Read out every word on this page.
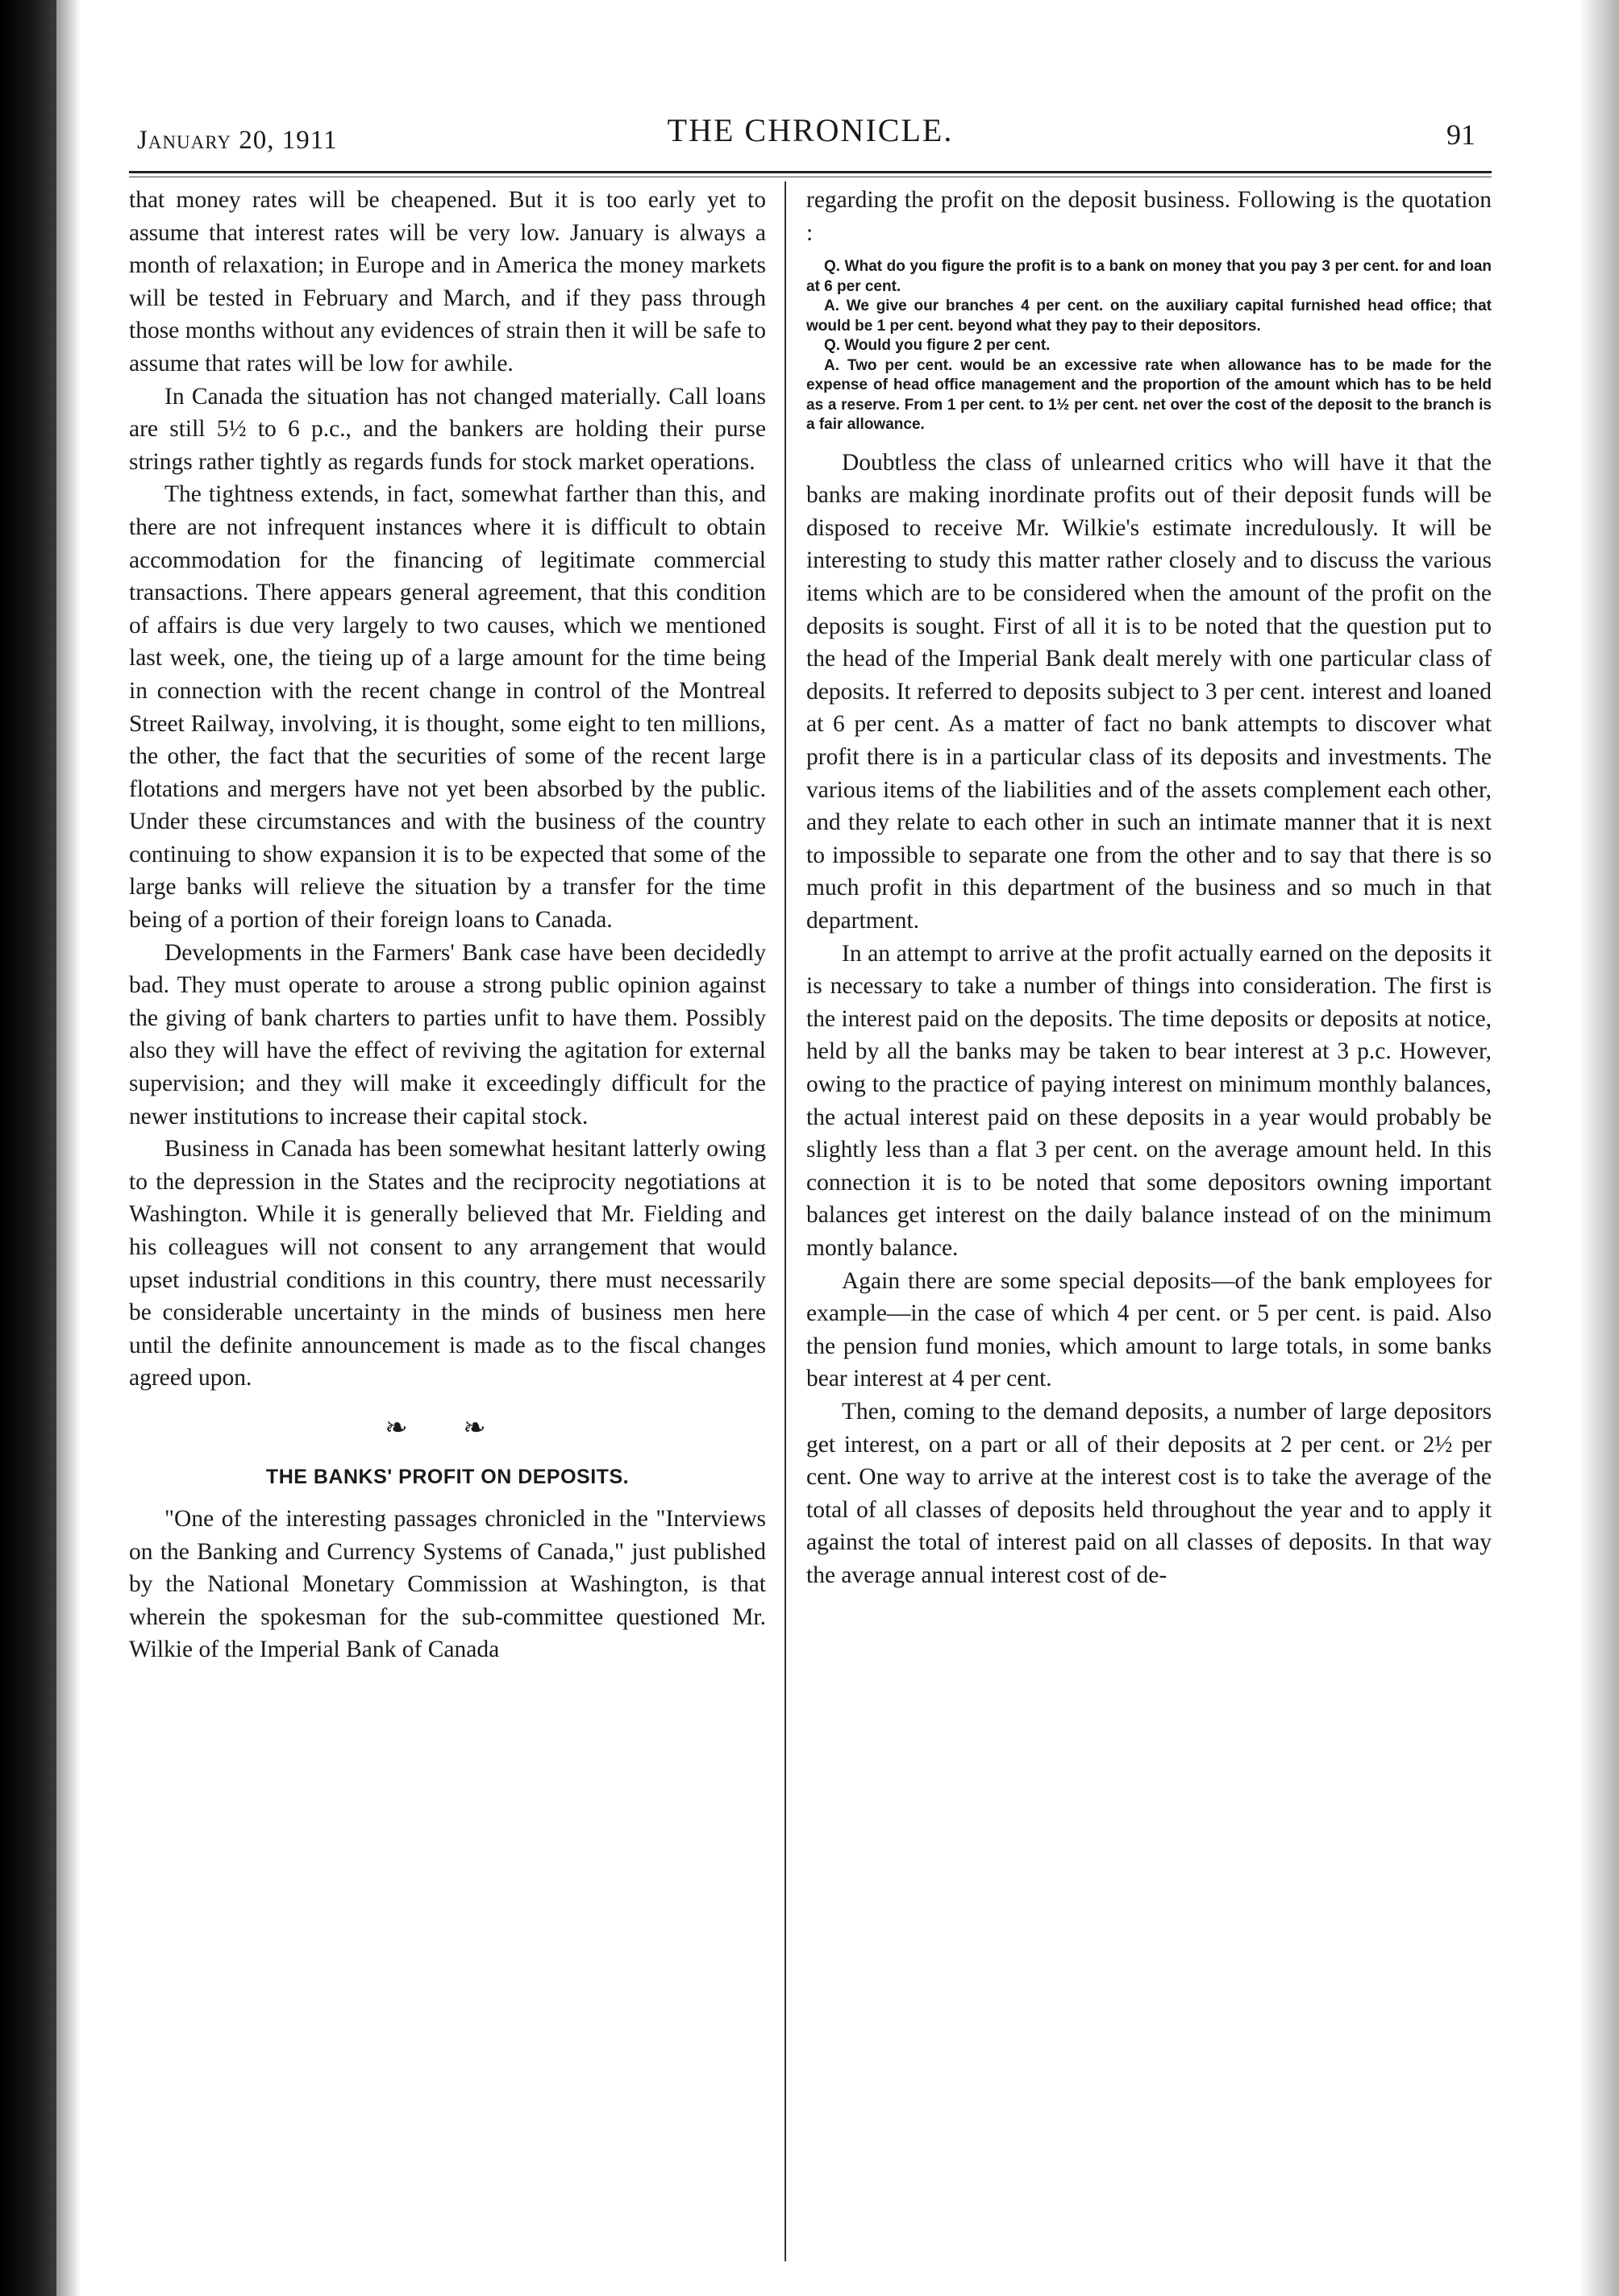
January 20, 1911	THE CHRONICLE.	91

that money rates will be cheapened. But it is too early yet to assume that interest rates will be very low. January is always a month of relaxation; in Europe and in America the money markets will be tested in February and March, and if they pass through those months without any evidences of strain then it will be safe to assume that rates will be low for awhile.

In Canada the situation has not changed materially. Call loans are still 5½ to 6 p.c., and the bankers are holding their purse strings rather tightly as regards funds for stock market operations.

The tightness extends, in fact, somewhat farther than this, and there are not infrequent instances where it is difficult to obtain accommodation for the financing of legitimate commercial transactions. There appears general agreement, that this condition of affairs is due very largely to two causes, which we mentioned last week, one, the tieing up of a large amount for the time being in connection with the recent change in control of the Montreal Street Railway, involving, it is thought, some eight to ten millions, the other, the fact that the securities of some of the recent large flotations and mergers have not yet been absorbed by the public. Under these circumstances and with the business of the country continuing to show expansion it is to be expected that some of the large banks will relieve the situation by a transfer for the time being of a portion of their foreign loans to Canada.

Developments in the Farmers' Bank case have been decidedly bad. They must operate to arouse a strong public opinion against the giving of bank charters to parties unfit to have them. Possibly also they will have the effect of reviving the agitation for external supervision; and they will make it exceedingly difficult for the newer institutions to increase their capital stock.

Business in Canada has been somewhat hesitant latterly owing to the depression in the States and the reciprocity negotiations at Washington. While it is generally believed that Mr. Fielding and his colleagues will not consent to any arrangement that would upset industrial conditions in this country, there must necessarily be considerable uncertainty in the minds of business men here until the definite announcement is made as to the fiscal changes agreed upon.

❧ ❧
THE BANKS' PROFIT ON DEPOSITS.

"One of the interesting passages chronicled in the "Interviews on the Banking and Currency Systems of Canada," just published by the National Monetary Commission at Washington, is that wherein the spokesman for the sub-committee questioned Mr. Wilkie of the Imperial Bank of Canada

regarding the profit on the deposit business. Following is the quotation :

Q. What do you figure the profit is to a bank on money that you pay 3 per cent. for and loan at 6 per cent.

A. We give our branches 4 per cent. on the auxiliary capital furnished head office; that would be 1 per cent. beyond what they pay to their depositors.

Q. Would you figure 2 per cent.

A. Two per cent. would be an excessive rate when allowance has to be made for the expense of head office management and the proportion of the amount which has to be held as a reserve. From 1 per cent. to 1½ per cent. net over the cost of the deposit to the branch is a fair allowance.

Doubtless the class of unlearned critics who will have it that the banks are making inordinate profits out of their deposit funds will be disposed to receive Mr. Wilkie's estimate incredulously. It will be interesting to study this matter rather closely and to discuss the various items which are to be considered when the amount of the profit on the deposits is sought. First of all it is to be noted that the question put to the head of the Imperial Bank dealt merely with one particular class of deposits. It referred to deposits subject to 3 per cent. interest and loaned at 6 per cent. As a matter of fact no bank attempts to discover what profit there is in a particular class of its deposits and investments. The various items of the liabilities and of the assets complement each other, and they relate to each other in such an intimate manner that it is next to impossible to separate one from the other and to say that there is so much profit in this department of the business and so much in that department.

In an attempt to arrive at the profit actually earned on the deposits it is necessary to take a number of things into consideration. The first is the interest paid on the deposits. The time deposits or deposits at notice, held by all the banks may be taken to bear interest at 3 p.c. However, owing to the practice of paying interest on minimum monthly balances, the actual interest paid on these deposits in a year would probably be slightly less than a flat 3 per cent. on the average amount held. In this connection it is to be noted that some depositors owning important balances get interest on the daily balance instead of on the minimum montly balance.

Again there are some special deposits—of the bank employees for example—in the case of which 4 per cent. or 5 per cent. is paid. Also the pension fund monies, which amount to large totals, in some banks bear interest at 4 per cent.

Then, coming to the demand deposits, a number of large depositors get interest, on a part or all of their deposits at 2 per cent. or 2½ per cent. One way to arrive at the interest cost is to take the average of the total of all classes of deposits held throughout the year and to apply it against the total of interest paid on all classes of deposits. In that way the average annual interest cost of de-
